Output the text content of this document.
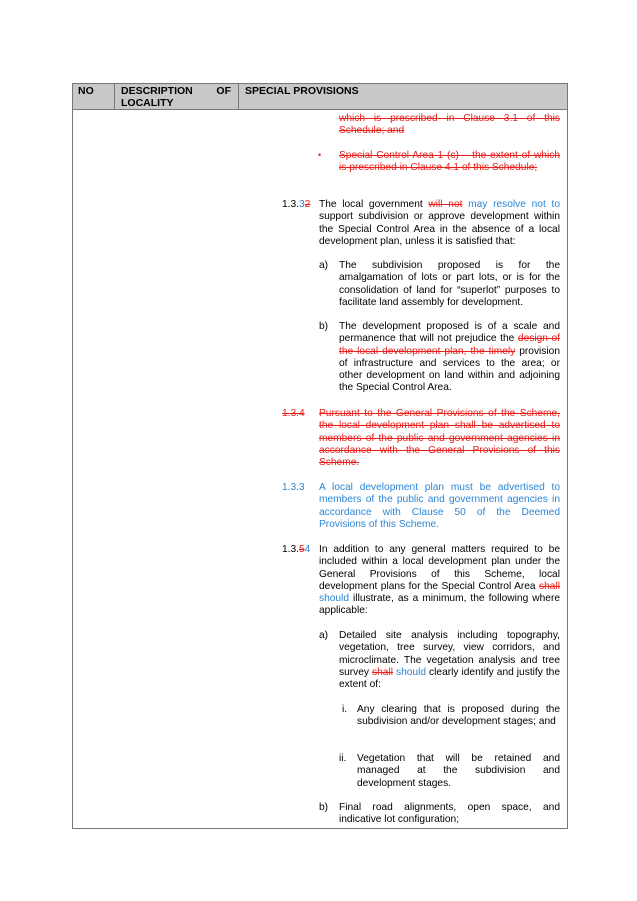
NO	DESCRIPTION OF LOCALITY
SPECIAL PROVISIONS
which is prescribed in Clause 3.1 of this Schedule; and
• Special Control Area 1 (c) – the extent of which is prescribed in Clause 4.1 of this Schedule;
1.3.32 The local government will not may resolve not to support subdivision or approve development within the Special Control Area in the absence of a local development plan, unless it is satisfied that:
a) The subdivision proposed is for the amalgamation of lots or part lots, or is for the consolidation of land for “superlot” purposes to facilitate land assembly for development.
b) The development proposed is of a scale and permanence that will not prejudice the design of the local development plan, the timely provision of infrastructure and services to the area; or other development on land within and adjoining the Special Control Area.
1.3.4 Pursuant to the General Provisions of the Scheme, the local development plan shall be advertised to members of the public and government agencies in accordance with the General Provisions of this Scheme.
1.3.3 A local development plan must be advertised to members of the public and government agencies in accordance with Clause 50 of the Deemed Provisions of this Scheme.
1.3.54 In addition to any general matters required to be included within a local development plan under the General Provisions of this Scheme, local development plans for the Special Control Area shall should illustrate, as a minimum, the following where applicable:
a) Detailed site analysis including topography, vegetation, tree survey, view corridors, and microclimate. The vegetation analysis and tree survey shall should clearly identify and justify the extent of:
i. Any clearing that is proposed during the subdivision and/or development stages; and
ii. Vegetation that will be retained and managed at the subdivision and development stages.
b) Final road alignments, open space, and indicative lot configuration;
